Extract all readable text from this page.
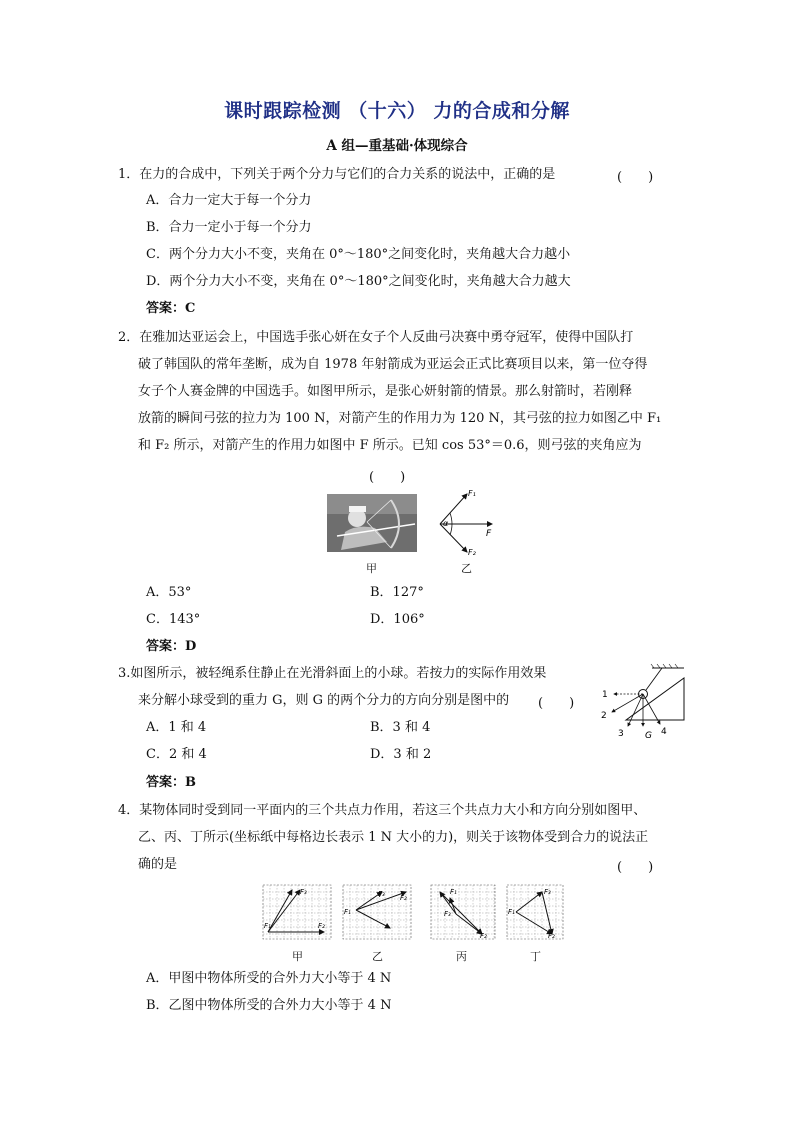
课时跟踪检测 （十六） 力的合成和分解
A 组—重基础·体现综合
1．在力的合成中，下列关于两个分力与它们的合力关系的说法中，正确的是	(　　)
A．合力一定大于每一个分力
B．合力一定小于每一个分力
C．两个分力大小不变，夹角在 0°～180°之间变化时，夹角越大合力越小
D．两个分力大小不变，夹角在 0°～180°之间变化时，夹角越大合力越大
答案：C
2．在雅加达亚运会上，中国选手张心妍在女子个人反曲弓决赛中勇夺冠军，使得中国队打
破了韩国队的常年垄断，成为自 1978 年射箭成为亚运会正式比赛项目以来，第一位夺得
女子个人赛金牌的中国选手。如图甲所示，是张心妍射箭的情景。那么射箭时，若刚释
放箭的瞬间弓弦的拉力为 100 N，对箭产生的作用力为 120 N，其弓弦的拉力如图乙中 F₁
和 F₂ 所示，对箭产生的作用力如图中 F 所示。已知 cos 53°＝0.6，则弓弦的夹角应为
(　　)
甲
F₁
F₂
F
α
乙
A．53°	B．127°
C．143°	D．106°
答案：D
3.如图所示，被轻绳系住静止在光滑斜面上的小球。若按力的实际作用效果
来分解小球受到的重力 G，则 G 的两个分力的方向分别是图中的 (　　)
1
2
3 G 4
A．1 和 4	B．3 和 4
C．2 和 4	D．3 和 2
答案：B
4．某物体同时受到同一平面内的三个共点力作用，若这三个共点力大小和方向分别如图甲、
乙、丙、丁所示(坐标纸中每格边长表示 1 N 大小的力)，则关于该物体受到合力的说法正
确的是	(　　)
F₁	F₂
F₃
甲
F₁
F₂
F₃
乙
F₁
F₂
F₃
丙
F₁
F₂
F₃
丁
A．甲图中物体所受的合外力大小等于 4 N
B．乙图中物体所受的合外力大小等于 4 N
